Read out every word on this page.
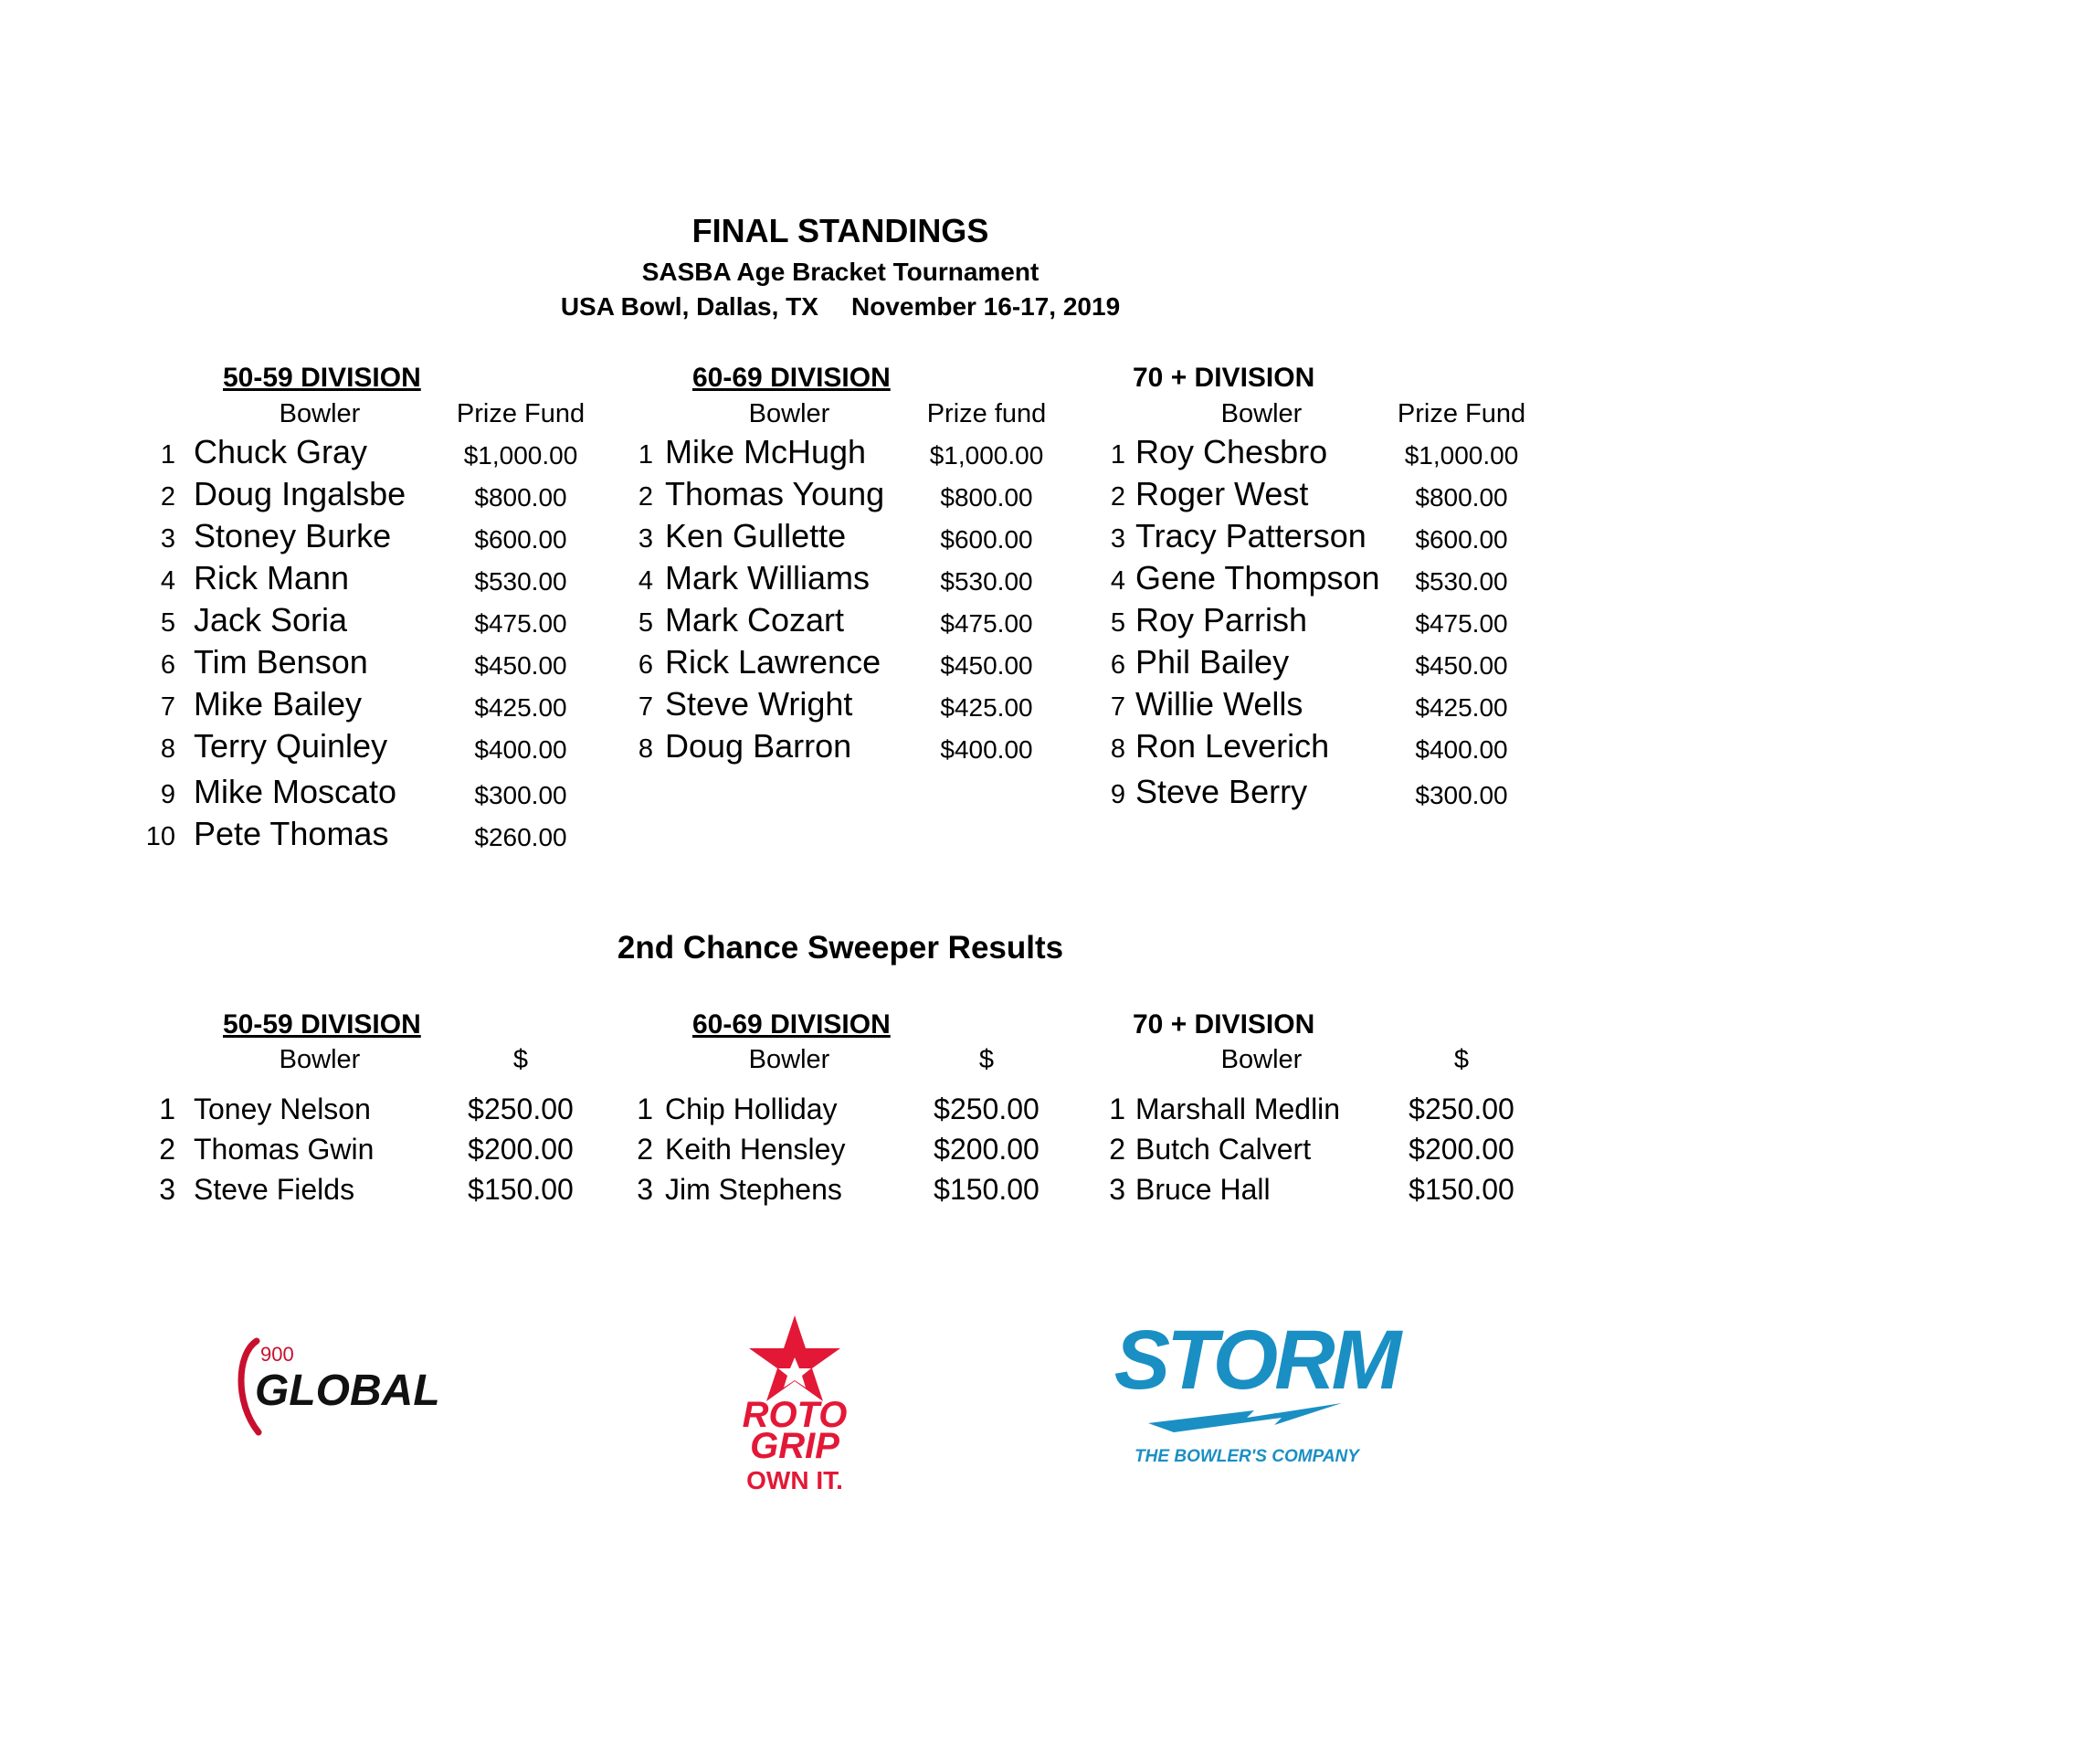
FINAL STANDINGS
SASBA Age Bracket Tournament
USA Bowl, Dallas, TX November 16-17, 2019
50-59 DIVISION
Bowler	Prize Fund
1 Chuck Gray	$1,000.00
2 Doug Ingalsbe	$800.00
3 Stoney Burke	$600.00
4 Rick Mann	$530.00
5 Jack Soria	$475.00
6 Tim Benson	$450.00
7 Mike Bailey	$425.00
8 Terry Quinley	$400.00
9 Mike Moscato	$300.00
10 Pete Thomas	$260.00
60-69 DIVISION
Bowler	Prize fund
1 Mike McHugh $1,000.00
2 Thomas Young $800.00
3 Ken Gullette	$600.00
4 Mark Williams	$530.00
5 Mark Cozart	$475.00
6 Rick Lawrence $450.00
7 Steve Wright	$425.00
8 Doug Barron	$400.00
70 + DIVISION
Bowler	Prize Fund
1 Roy Chesbro	$1,000.00
2 Roger West	$800.00
3 Tracy Patterson $600.00
4 Gene Thompson $530.00
5 Roy Parrish	$475.00
6 Phil Bailey	$450.00
7 Willie Wells	$425.00
8 Ron Leverich	$400.00
9 Steve Berry	$300.00
2nd Chance Sweeper Results
50-59 DIVISION
Bowler	$
1 Toney Nelson	$250.00
2 Thomas Gwin	$200.00
3 Steve Fields	$150.00
60-69 DIVISION
Bowler	$
1 Chip Holliday	$250.00
2 Keith Hensley	$200.00
3 Jim Stephens	$150.00
70 + DIVISION
Bowler	$
1 Marshall Medlin $250.00
2 Butch Calvert	$200.00
3 Bruce Hall	$150.00
900
GLOBAL	ROTO
GRIP
OWN IT.
STORM
THE BOWLER'S COMPANY
